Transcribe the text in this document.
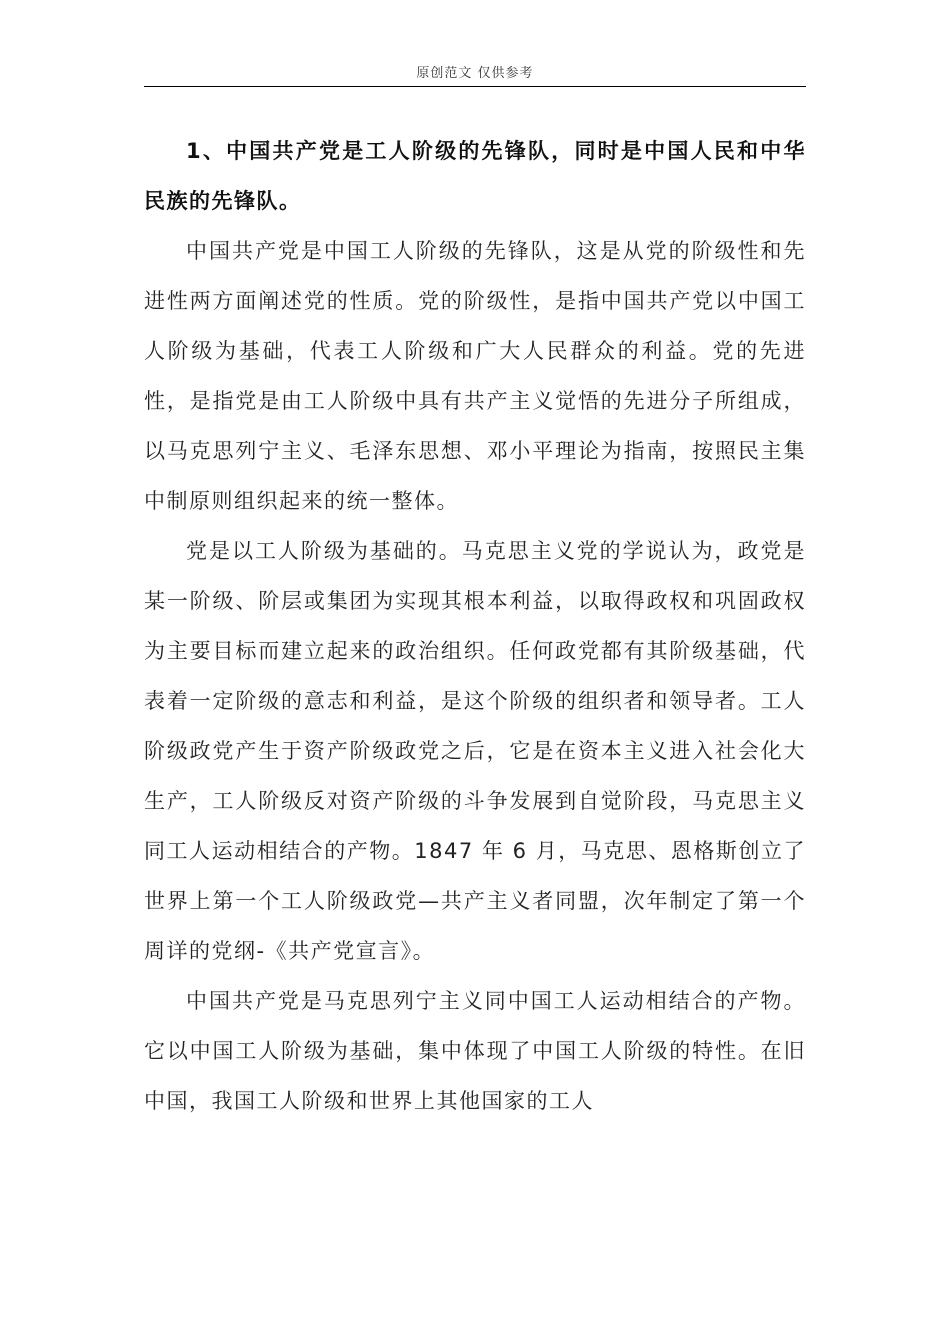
原创范文 仅供参考

1、中国共产党是工人阶级的先锋队，同时是中国人民和中华民族的先锋队。

中国共产党是中国工人阶级的先锋队，这是从党的阶级性和先进性两方面阐述党的性质。党的阶级性，是指中国共产党以中国工人阶级为基础，代表工人阶级和广大人民群众的利益。党的先进性，是指党是由工人阶级中具有共产主义觉悟的先进分子所组成，以马克思列宁主义、毛泽东思想、邓小平理论为指南，按照民主集中制原则组织起来的统一整体。

党是以工人阶级为基础的。马克思主义党的学说认为，政党是某一阶级、阶层或集团为实现其根本利益，以取得政权和巩固政权为主要目标而建立起来的政治组织。任何政党都有其阶级基础，代表着一定阶级的意志和利益，是这个阶级的组织者和领导者。工人阶级政党产生于资产阶级政党之后，它是在资本主义进入社会化大生产，工人阶级反对资产阶级的斗争发展到自觉阶段，马克思主义同工人运动相结合的产物。1847 年 6 月，马克思、恩格斯创立了世界上第一个工人阶级政党—共产主义者同盟，次年制定了第一个周详的党纲-《共产党宣言》。

中国共产党是马克思列宁主义同中国工人运动相结合的产物。它以中国工人阶级为基础，集中体现了中国工人阶级的特性。在旧中国，我国工人阶级和世界上其他国家的工人
